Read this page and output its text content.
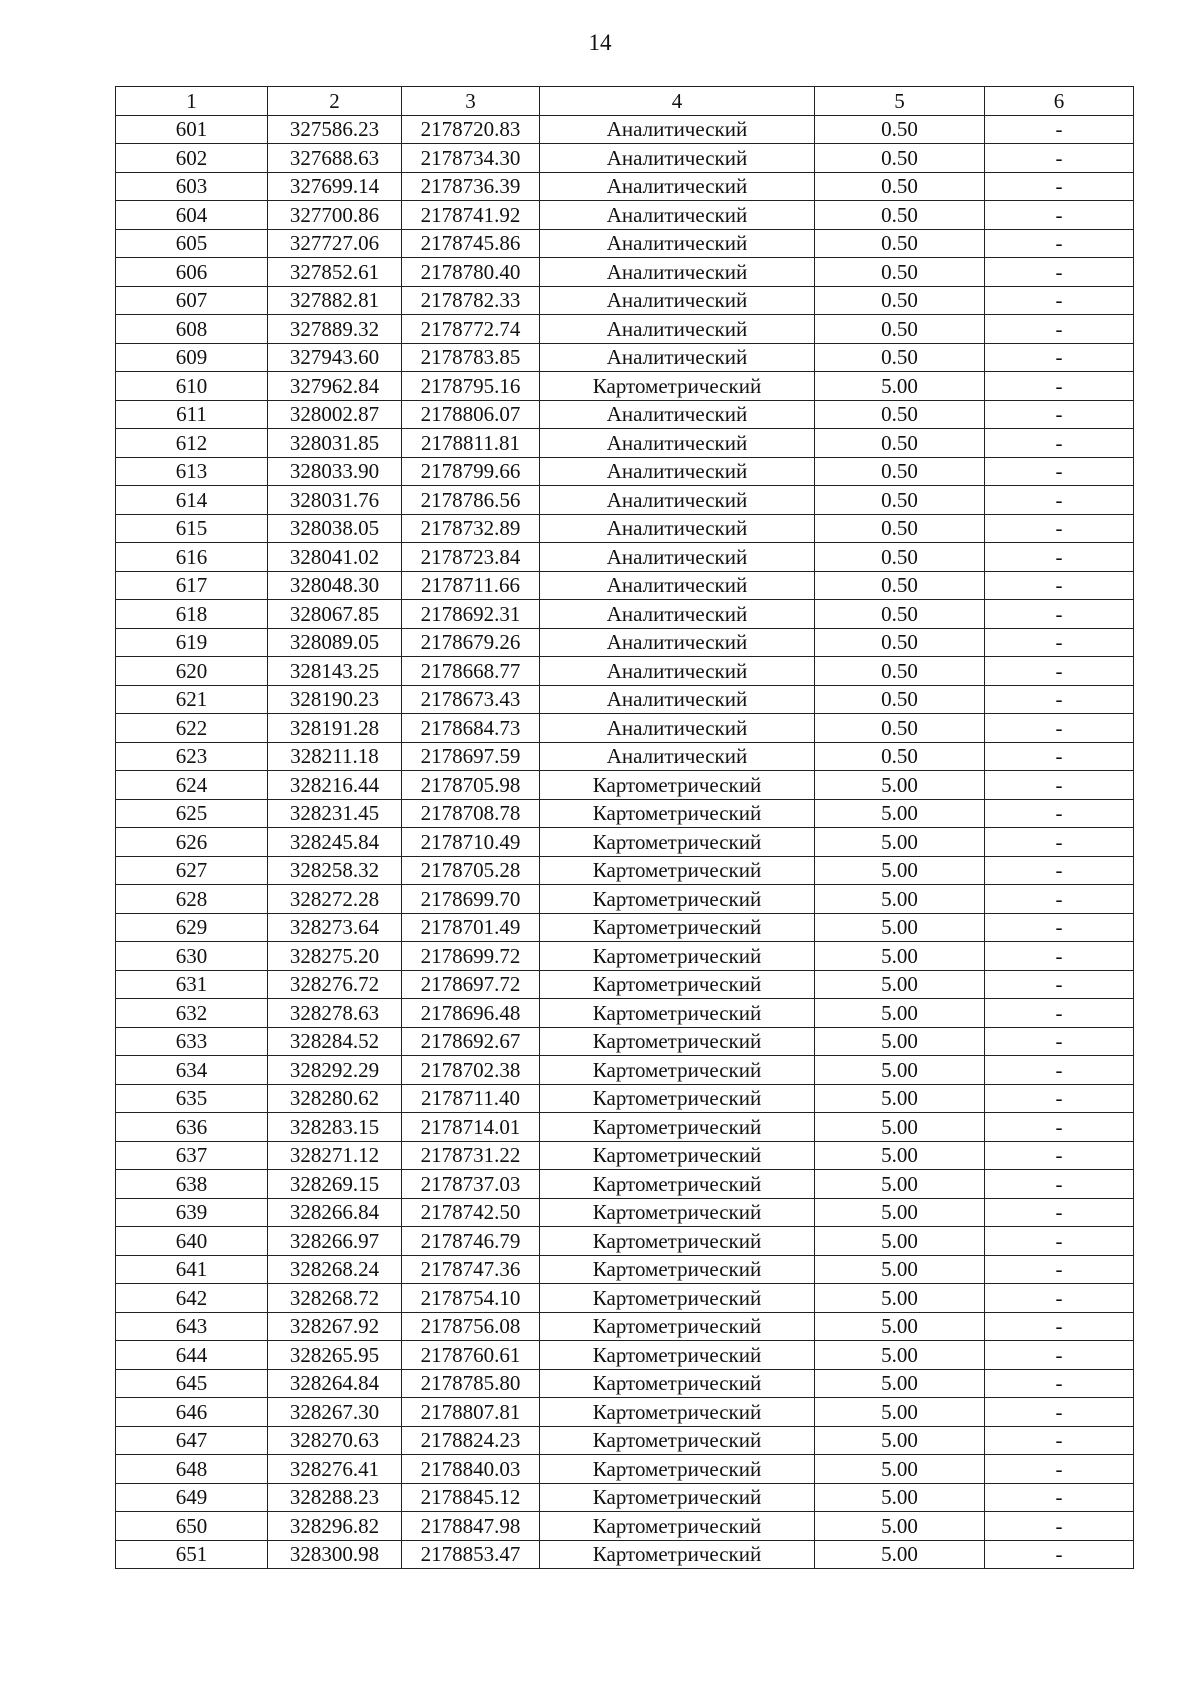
14
1	2	3	4	5	6
601	327586.23	2178720.83	Аналитический	0.50	-
602	327688.63	2178734.30	Аналитический	0.50	-
603	327699.14	2178736.39	Аналитический	0.50	-
604	327700.86	2178741.92	Аналитический	0.50	-
605	327727.06	2178745.86	Аналитический	0.50	-
606	327852.61	2178780.40	Аналитический	0.50	-
607	327882.81	2178782.33	Аналитический	0.50	-
608	327889.32	2178772.74	Аналитический	0.50	-
609	327943.60	2178783.85	Аналитический	0.50	-
610	327962.84	2178795.16	Картометрический	5.00	-
611	328002.87	2178806.07	Аналитический	0.50	-
612	328031.85	2178811.81	Аналитический	0.50	-
613	328033.90	2178799.66	Аналитический	0.50	-
614	328031.76	2178786.56	Аналитический	0.50	-
615	328038.05	2178732.89	Аналитический	0.50	-
616	328041.02	2178723.84	Аналитический	0.50	-
617	328048.30	2178711.66	Аналитический	0.50	-
618	328067.85	2178692.31	Аналитический	0.50	-
619	328089.05	2178679.26	Аналитический	0.50	-
620	328143.25	2178668.77	Аналитический	0.50	-
621	328190.23	2178673.43	Аналитический	0.50	-
622	328191.28	2178684.73	Аналитический	0.50	-
623	328211.18	2178697.59	Аналитический	0.50	-
624	328216.44	2178705.98	Картометрический	5.00	-
625	328231.45	2178708.78	Картометрический	5.00	-
626	328245.84	2178710.49	Картометрический	5.00	-
627	328258.32	2178705.28	Картометрический	5.00	-
628	328272.28	2178699.70	Картометрический	5.00	-
629	328273.64	2178701.49	Картометрический	5.00	-
630	328275.20	2178699.72	Картометрический	5.00	-
631	328276.72	2178697.72	Картометрический	5.00	-
632	328278.63	2178696.48	Картометрический	5.00	-
633	328284.52	2178692.67	Картометрический	5.00	-
634	328292.29	2178702.38	Картометрический	5.00	-
635	328280.62	2178711.40	Картометрический	5.00	-
636	328283.15	2178714.01	Картометрический	5.00	-
637	328271.12	2178731.22	Картометрический	5.00	-
638	328269.15	2178737.03	Картометрический	5.00	-
639	328266.84	2178742.50	Картометрический	5.00	-
640	328266.97	2178746.79	Картометрический	5.00	-
641	328268.24	2178747.36	Картометрический	5.00	-
642	328268.72	2178754.10	Картометрический	5.00	-
643	328267.92	2178756.08	Картометрический	5.00	-
644	328265.95	2178760.61	Картометрический	5.00	-
645	328264.84	2178785.80	Картометрический	5.00	-
646	328267.30	2178807.81	Картометрический	5.00	-
647	328270.63	2178824.23	Картометрический	5.00	-
648	328276.41	2178840.03	Картометрический	5.00	-
649	328288.23	2178845.12	Картометрический	5.00	-
650	328296.82	2178847.98	Картометрический	5.00	-
651	328300.98	2178853.47	Картометрический	5.00	-
